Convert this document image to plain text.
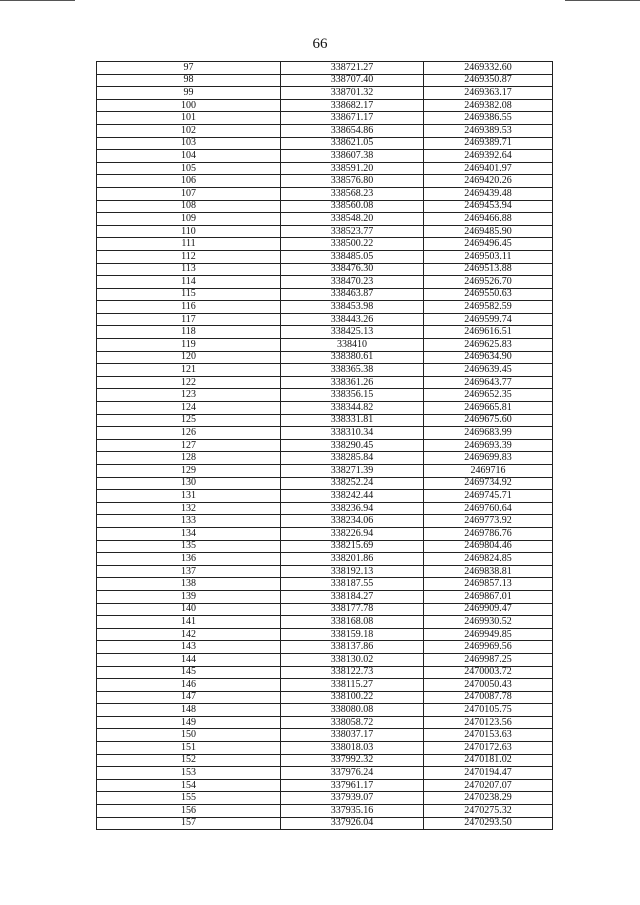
66
97	338721.27	2469332.60
98	338707.40	2469350.87
99	338701.32	2469363.17
100	338682.17	2469382.08
101	338671.17	2469386.55
102	338654.86	2469389.53
103	338621.05	2469389.71
104	338607.38	2469392.64
105	338591.20	2469401.97
106	338576.80	2469420.26
107	338568.23	2469439.48
108	338560.08	2469453.94
109	338548.20	2469466.88
110	338523.77	2469485.90
111	338500.22	2469496.45
112	338485.05	2469503.11
113	338476.30	2469513.88
114	338470.23	2469526.70
115	338463.87	2469550.63
116	338453.98	2469582.59
117	338443.26	2469599.74
118	338425.13	2469616.51
119	338410	2469625.83
120	338380.61	2469634.90
121	338365.38	2469639.45
122	338361.26	2469643.77
123	338356.15	2469652.35
124	338344.82	2469665.81
125	338331.81	2469675.60
126	338310.34	2469683.99
127	338290.45	2469693.39
128	338285.84	2469699.83
129	338271.39	2469716
130	338252.24	2469734.92
131	338242.44	2469745.71
132	338236.94	2469760.64
133	338234.06	2469773.92
134	338226.94	2469786.76
135	338215.69	2469804.46
136	338201.86	2469824.85
137	338192.13	2469838.81
138	338187.55	2469857.13
139	338184.27	2469867.01
140	338177.78	2469909.47
141	338168.08	2469930.52
142	338159.18	2469949.85
143	338137.86	2469969.56
144	338130.02	2469987.25
145	338122.73	2470003.72
146	338115.27	2470050.43
147	338100.22	2470087.78
148	338080.08	2470105.75
149	338058.72	2470123.56
150	338037.17	2470153.63
151	338018.03	2470172.63
152	337992.32	2470181.02
153	337976.24	2470194.47
154	337961.17	2470207.07
155	337939.07	2470238.29
156	337935.16	2470275.32
157	337926.04	2470293.50
